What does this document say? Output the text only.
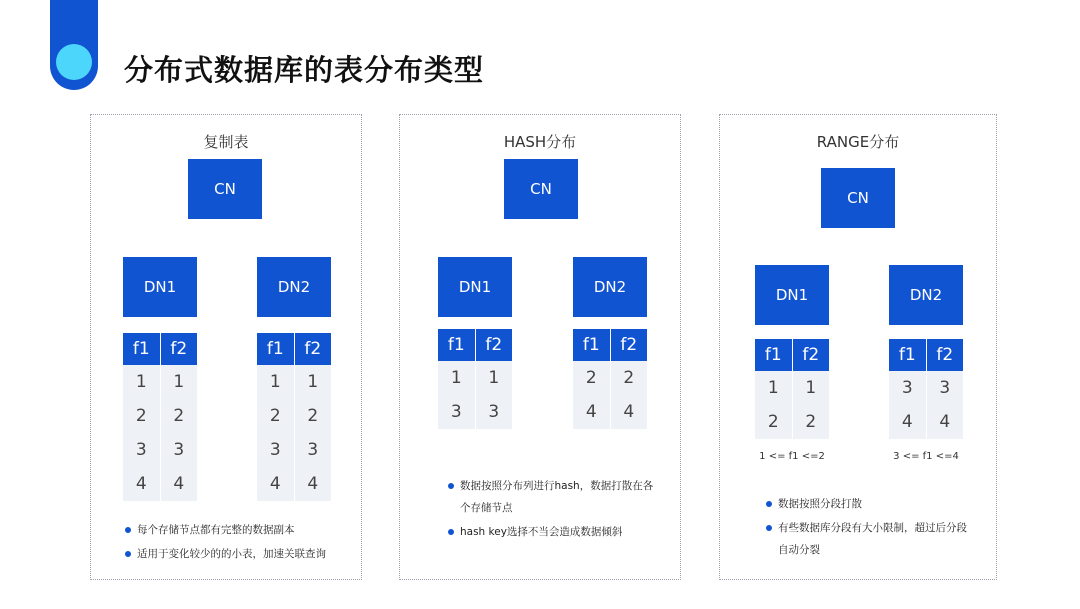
分布式数据库的表分布类型
复制表
CN
DN1	DN2
f1	f2
1	1
2	2
3	3
4	4
f1	f2
1	1
2	2
3	3
4	4
每个存储节点都有完整的数据副本
适用于变化较少的的小表，加速关联查询
HASH分布
CN
DN1	DN2
f1	f2
1	1
3	3
f1	f2
2	2
4	4
数据按照分布列进行hash，数据打散在各个存储节点
hash key选择不当会造成数据倾斜
RANGE分布
CN
DN1	DN2
f1	f2
1	1
2	2
f1	f2
3	3
4	4
1 <= f1 <=2	3 <= f1 <=4
数据按照分段打散
有些数据库分段有大小限制，超过后分段自动分裂
